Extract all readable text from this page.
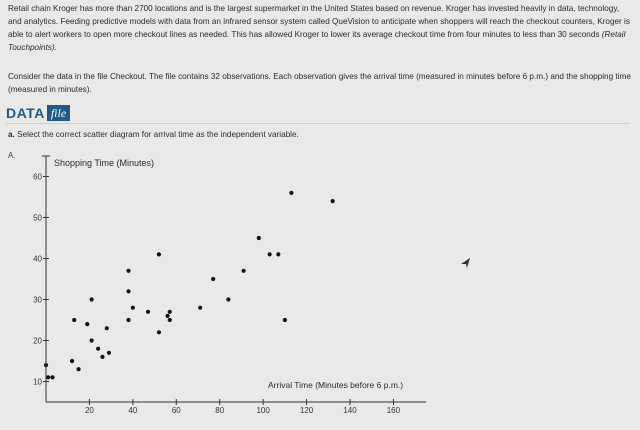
Retail chain Kroger has more than 2700 locations and is the largest supermarket in the United States based on revenue. Kroger has invested heavily in data, technology, and analytics. Feeding predictive models with data from an infrared sensor system called QueVision to anticipate when shoppers will reach the checkout counters, Kroger is able to alert workers to open more checkout lines as needed. This has allowed Kroger to lower its average checkout time from four minutes to less than 30 seconds (Retail Touchpoints).
Consider the data in the file Checkout. The file contains 32 observations. Each observation gives the arrival time (measured in minutes before 6 p.m.) and the shopping time (measured in minutes).
DATA file
a. Select the correct scatter diagram for arrival time as the independent variable.
A.
10
20
30
40
50
60
20	40	60	80	100	120	140	160
Shopping Time (Minutes)
Arrival Time (Minutes before 6 p.m.)
